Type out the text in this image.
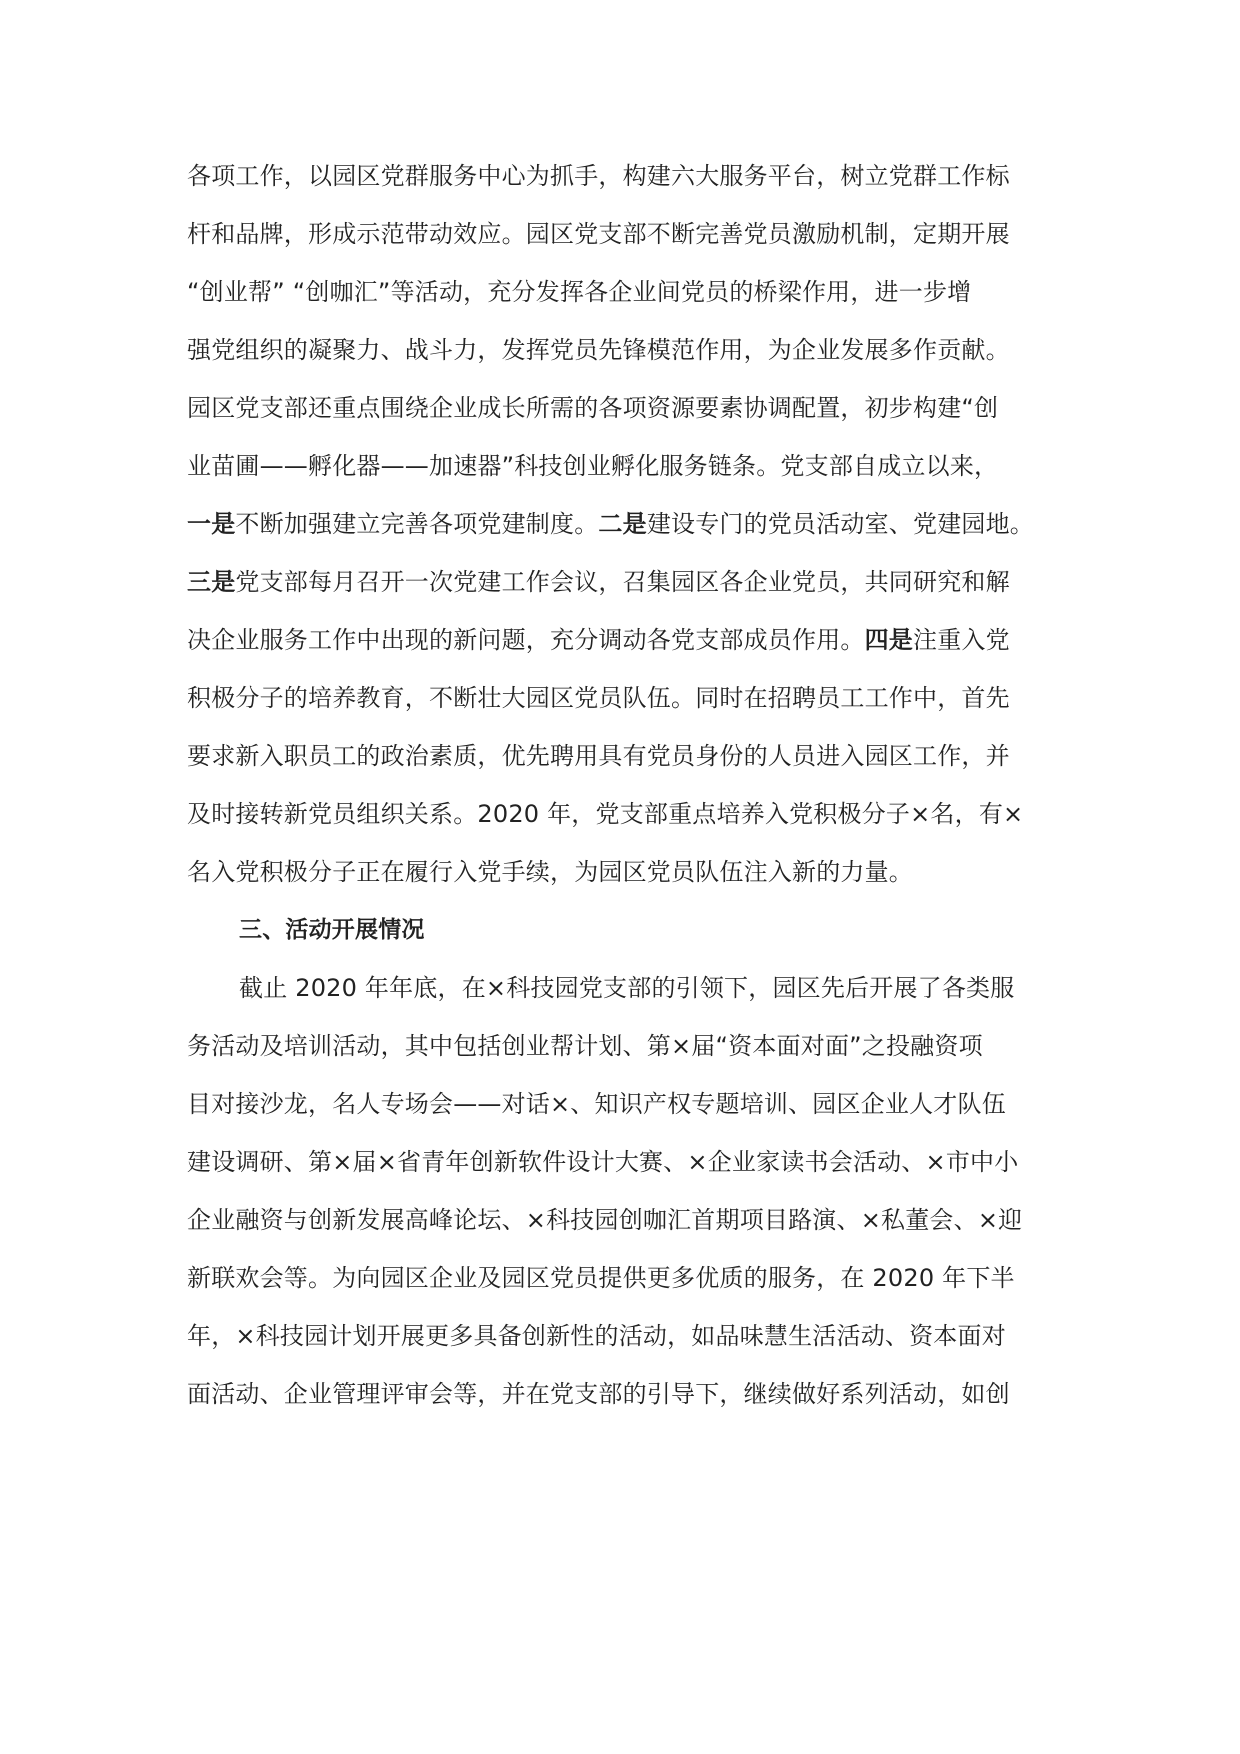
各项工作，以园区党群服务中心为抓手，构建六大服务平台，树立党群工作标
杆和品牌，形成示范带动效应。园区党支部不断完善党员激励机制，定期开展
“创业帮” “创咖汇”等活动，充分发挥各企业间党员的桥梁作用，进一步增
强党组织的凝聚力、战斗力，发挥党员先锋模范作用，为企业发展多作贡献。
园区党支部还重点围绕企业成长所需的各项资源要素协调配置，初步构建“创
业苗圃——孵化器——加速器”科技创业孵化服务链条。党支部自成立以来，
一是不断加强建立完善各项党建制度。二是建设专门的党员活动室、党建园地。
三是党支部每月召开一次党建工作会议，召集园区各企业党员，共同研究和解
决企业服务工作中出现的新问题，充分调动各党支部成员作用。四是注重入党
积极分子的培养教育，不断壮大园区党员队伍。同时在招聘员工工作中，首先
要求新入职员工的政治素质，优先聘用具有党员身份的人员进入园区工作，并
及时接转新党员组织关系。2020 年，党支部重点培养入党积极分子×名，有×
名入党积极分子正在履行入党手续，为园区党员队伍注入新的力量。
三、活动开展情况
截止 2020 年年底，在×科技园党支部的引领下，园区先后开展了各类服
务活动及培训活动，其中包括创业帮计划、第×届“资本面对面”之投融资项
目对接沙龙，名人专场会——对话×、知识产权专题培训、园区企业人才队伍
建设调研、第×届×省青年创新软件设计大赛、×企业家读书会活动、×市中小
企业融资与创新发展高峰论坛、×科技园创咖汇首期项目路演、×私董会、×迎
新联欢会等。为向园区企业及园区党员提供更多优质的服务，在 2020 年下半
年，×科技园计划开展更多具备创新性的活动，如品味慧生活活动、资本面对
面活动、企业管理评审会等，并在党支部的引导下，继续做好系列活动，如创
